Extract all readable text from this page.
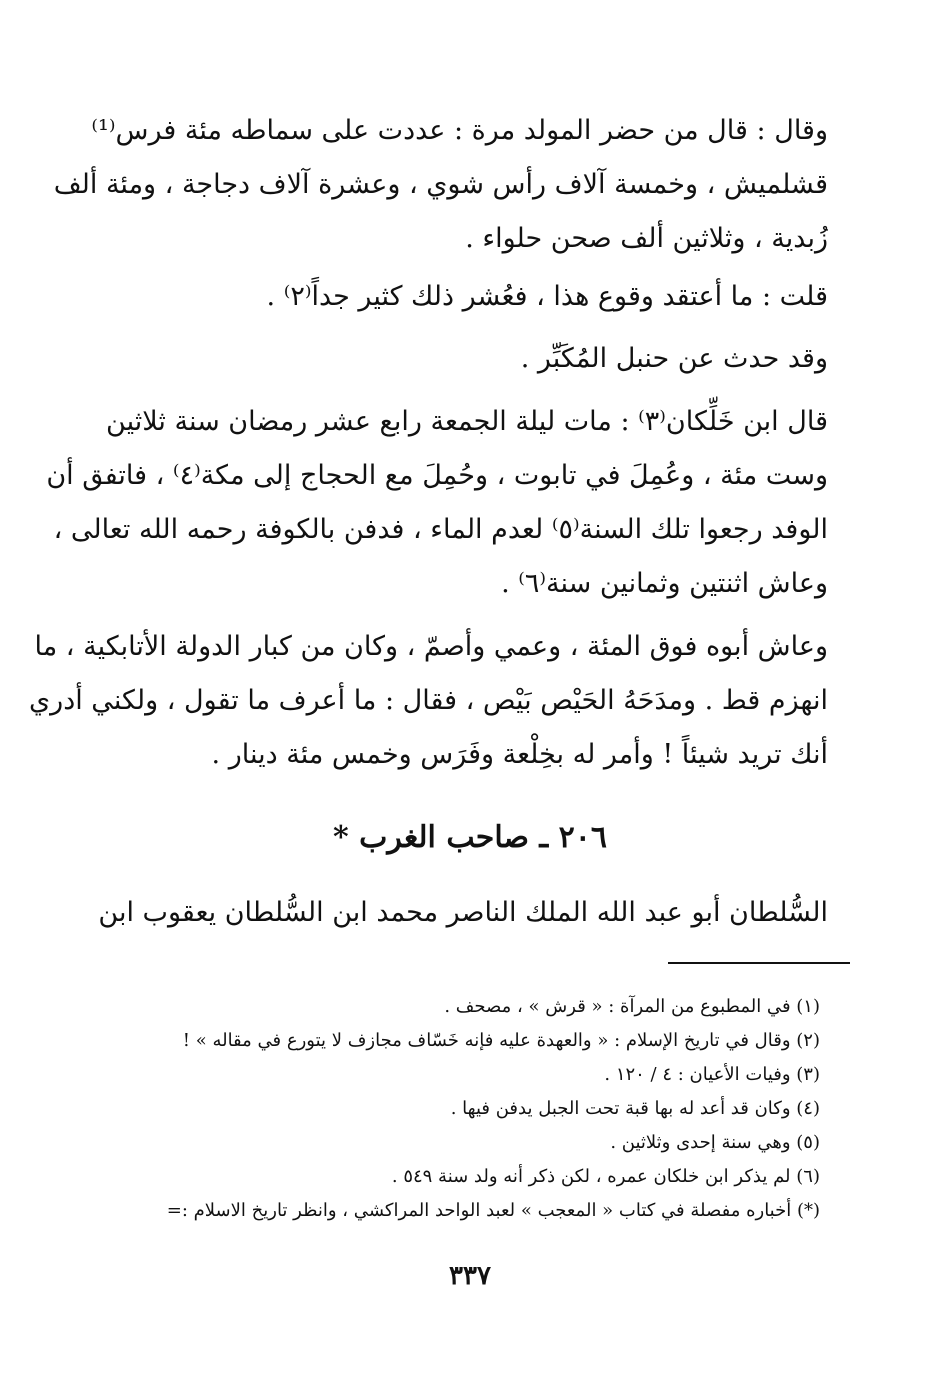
وقال : قال من حضر المولد مرة : عددت على سماطه مئة فرس⁽¹⁾
قشلميش ، وخمسة آلاف رأس شوي ، وعشرة آلاف دجاجة ، ومئة ألف
زُبدية ، وثلاثين ألف صحن حلواء .
قلت : ما أعتقد وقوع هذا ، فعُشر ذلك كثير جداً⁽٢⁾ .
وقد حدث عن حنبل المُكَبِّر .
قال ابن خَلِّكان⁽٣⁾ : مات ليلة الجمعة رابع عشر رمضان سنة ثلاثين
وست مئة ، وعُمِلَ في تابوت ، وحُمِلَ مع الحجاج إلى مكة⁽٤⁾ ، فاتفق أن
الوفد رجعوا تلك السنة⁽٥⁾ لعدم الماء ، فدفن بالكوفة رحمه الله تعالى ،
وعاش اثنتين وثمانين سنة⁽٦⁾ .
وعاش أبوه فوق المئة ، وعمي وأصمّ ، وكان من كبار الدولة الأتابكية ، ما
انهزم قط . ومدَحَهُ الحَيْص بَيْص ، فقال : ما أعرف ما تقول ، ولكني أدري
أنك تريد شيئاً ! وأمر له بخِلْعة وفَرَس وخمس مئة دينار .
٢٠٦ ـ صاحب الغرب *
السُّلطان أبو عبد الله الملك الناصر محمد ابن السُّلطان يعقوب ابن
(١) في المطبوع من المرآة : « قرش » ، مصحف .
(٢) وقال في تاريخ الإسلام : « والعهدة عليه فإنه خَسّاف مجازف لا يتورع في مقاله » !
(٣) وفيات الأعيان : ٤ / ١٢٠ .
(٤) وكان قد أعد له بها قبة تحت الجبل يدفن فيها .
(٥) وهي سنة إحدى وثلاثين .
(٦) لم يذكر ابن خلكان عمره ، لكن ذكر أنه ولد سنة ٥٤٩ .
(*) أخباره مفصلة في كتاب « المعجب » لعبد الواحد المراكشي ، وانظر تاريخ الاسلام :=
٣٣٧
